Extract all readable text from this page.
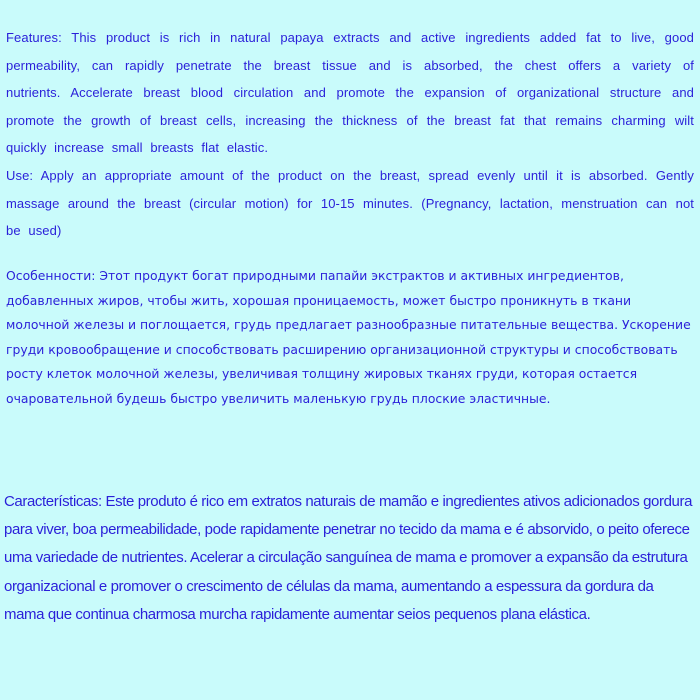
Features: This product is rich in natural papaya extracts and active ingredients added fat to live, good permeability, can rapidly penetrate the breast tissue and is absorbed, the chest offers a variety of nutrients. Accelerate breast blood circulation and promote the expansion of organizational structure and promote the growth of breast cells, increasing the thickness of the breast fat that remains charming wilt quickly increase small breasts flat elastic.

Use: Apply an appropriate amount of the product on the breast, spread evenly until it is absorbed. Gently massage around the breast (circular motion) for 10-15 minutes. (Pregnancy, lactation, menstruation can not be used)

Особенности: Этот продукт богат природными папайи экстрактов и активных ингредиентов, добавленных жиров, чтобы жить, хорошая проницаемость, может быстро проникнуть в ткани молочной железы и поглощается, грудь предлагает разнообразные питательные вещества. Ускорение груди кровообращение и способствовать расширению организационной структуры и способствовать росту клеток молочной железы, увеличивая толщину жировых тканях груди, которая остается очаровательной будешь быстро увеличить маленькую грудь плоские эластичные.

Características: Este produto é rico em extratos naturais de mamão e ingredientes ativos adicionados gordura para viver, boa permeabilidade, pode rapidamente penetrar no tecido da mama e é absorvido, o peito oferece uma variedade de nutrientes. Acelerar a circulação sanguínea de mama e promover a expansão da estrutura organizacional e promover o crescimento de células da mama, aumentando a espessura da gordura da mama que continua charmosa murcha rapidamente aumentar seios pequenos plana elástica.
